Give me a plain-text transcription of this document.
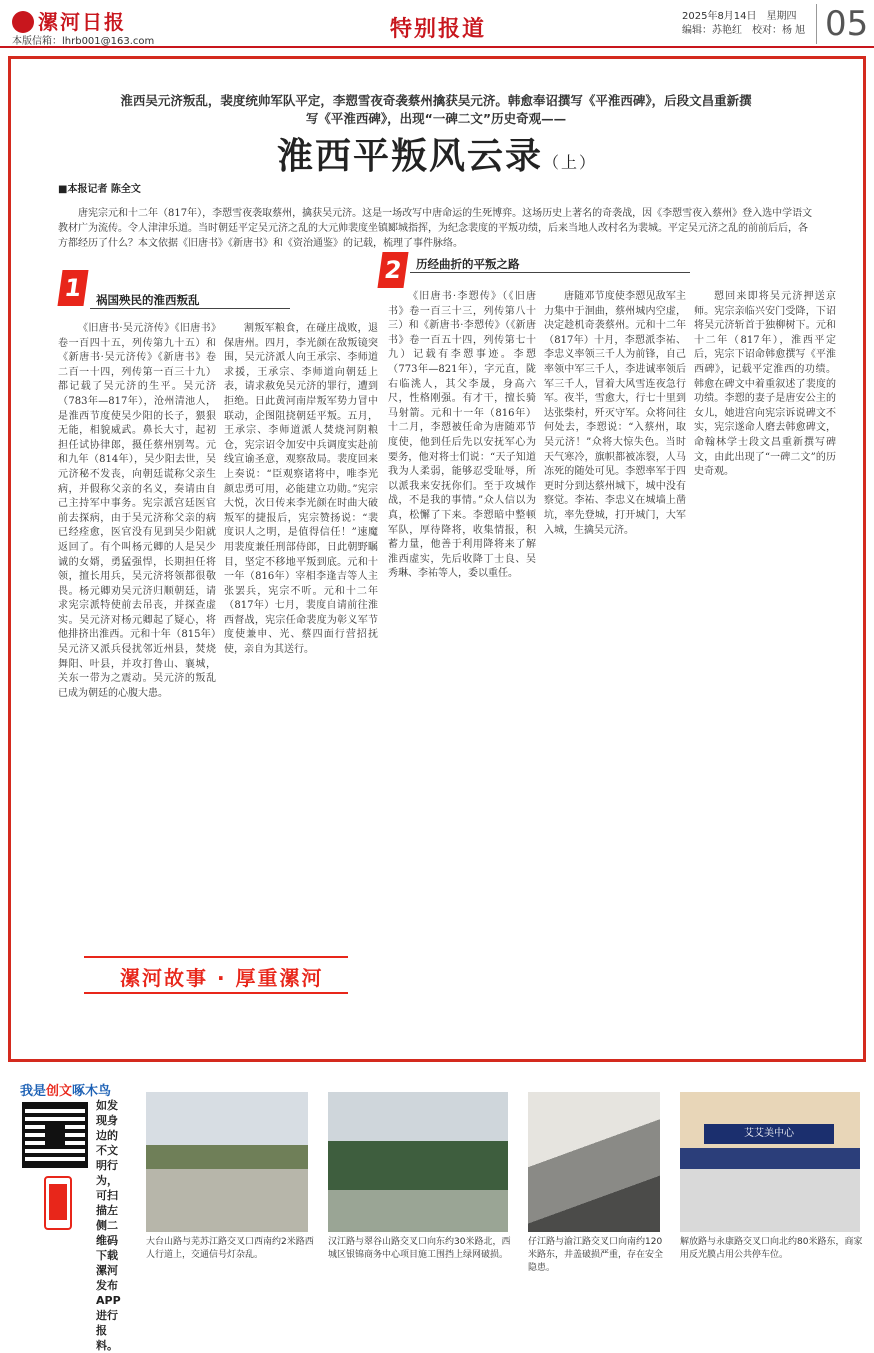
漯河日报
本版信箱：lhrb001@163.com	特别报道
2025年8月14日 星期四
编辑：苏艳红 校对：杨 旭 05
淮西吴元济叛乱，裴度统帅军队平定，李愬雪夜奇袭蔡州擒获吴元济。韩愈奉诏撰写《平淮西碑》，后段文昌重新撰写《平淮西碑》，出现“一碑二文”历史奇观——
淮西平叛风云录（上）
■本报记者 陈全文
唐宪宗元和十二年（817年），李愬雪夜袭取蔡州，擒获吴元济。这是一场改写中唐命运的生死博弈。这场历史上著名的奇袭战，因《李愬雪夜入蔡州》登入选中学语文教材广为流传。令人津津乐道。当时朝廷平定吴元济之乱的大元帅裴度坐镇郾城指挥，为纪念裴度的平叛功绩，后来当地人改村名为裴城。平定吴元济之乱的前前后后，各方都经历了什么？本文依据《旧唐书》《新唐书》和《资治通鉴》的记载，梳理了事件脉络。
1	祸国殃民的淮西叛乱
2	历经曲折的平叛之路

《旧唐书·吴元济传》《旧唐书》卷一百四十五，列传第九十五）和《新唐书·吴元济传》《新唐书》卷二百一十四，列传第一百三十九）都记载了吴元济的生平。吴元济（783年—817年），沧州清池人，是淮西节度使吴少阳的长子，猥狠无能，相貌威武。鼻长大寸，起初担任试协律郎，摄任蔡州别驾。元和九年（814年），吴少阳去世，吴元济秘不发丧，向朝廷谎称父亲生病，并假称父亲的名义，奏请由自己主持军中事务。宪宗派宫廷医官前去探病，由于吴元济称父亲的病已经痊愈，医官没有见到吴少阳就返回了。有个叫杨元卿的人是吴少诚的女婿，勇猛强悍，长期担任将领，擅长用兵，吴元济将领都很敬畏。杨元卿劝吴元济归顺朝廷，请求宪宗派特使前去吊丧，并探查虚实。吴元济对杨元卿起了疑心，将他排挤出淮西。元和十年（815年）吴元济又派兵侵扰邻近州县，焚烧舞阳、叶县，并攻打鲁山、襄城，关东一带为之震动。吴元济的叛乱已成为朝廷的心腹大患。

割叛军粮食，在碰庄战败，退保唐州。四月，李光颜在敌叛镜突围，吴元济派人向王承宗、李师道求援，王承宗、李师道向朝廷上表，请求赦免吴元济的罪行，遭到拒绝。日此黄河南岸叛军势力冒中联动，企图阻挠朝廷平叛。五月，王承宗、李师道派人焚烧河阴粮仓，宪宗诏令加安中兵调度实赴前线宣谕圣意，观察敌局。裴度回来上奏说：“臣观察诸将中，唯李光颜忠勇可用，必能建立功勋。”宪宗大悦，次日传来李光颜在时曲大破叛军的捷报后，宪宗赞扬说：“裴度识人之明，是值得信任！”速魔用裴度兼任刑部侍郎，日此朝野瞩目，坚定不移地平叛到底。元和十一年（816年）宰相李逢吉等人主张罢兵，宪宗不听。元和十二年（817年）七月，裴度自请前往淮西督战，宪宗任命裴度为彰义军节度使兼申、光、蔡四面行营招抚使，亲自为其送行。

《旧唐书·李愬传》（《旧唐书》卷一百三十三，列传第八十三）和《新唐书·李愬传》（《新唐书》卷一百五十四，列传第七十九）记载有李愬事迹。李愬（773年—821年），字元直，陇右临洮人，其父李晟，身高六尺，性格刚强。有才干，擅长骑马射箭。元和十一年（816年）十二月，李愬被任命为唐随邓节度使，他到任后先以安抚军心为要务，他对将士们说：“天子知道我为人柔弱，能够忍受耻辱，所以派我来安抚你们。至于攻城作战，不是我的事情。”众人信以为真，松懈了下来。李愬暗中整顿军队，厚待降将，收集情报，积蓄力量，他善于利用降将来了解淮西虚实，先后收降丁士良、吴秀琳、李祐等人，委以重任。

唐随邓节度使李愬见敌军主力集中于洄曲，蔡州城内空虚，决定趁机奇袭蔡州。元和十二年（817年）十月，李愬派李祐、李忠义率领三千人为前锋，自己率领中军三千人，李进诚率领后军三千人，冒着大风雪连夜急行军。夜半，雪愈大，行七十里到达张柴村，歼灭守军。众将问往何处去，李愬说：“入蔡州，取吴元济！”众将大惊失色。当时天气寒冷，旗帜都被冻裂，人马冻死的随处可见。李愬率军于四更时分到达蔡州城下，城中没有察觉。李祐、李忠义在城墙上凿坑，率先登城，打开城门，大军入城，生擒吴元济。

愬回来即将吴元济押送京师。宪宗亲临兴安门受降，下诏将吴元济斩首于独柳树下。元和十二年（817年），淮西平定后，宪宗下诏命韩愈撰写《平淮西碑》，记载平定淮西的功绩。韩愈在碑文中着重叙述了裴度的功绩。李愬的妻子是唐安公主的女儿，她进宫向宪宗诉说碑文不实，宪宗遂命人磨去韩愈碑文，命翰林学士段文昌重新撰写碑文，由此出现了“一碑二文”的历史奇观。

漯河故事 · 厚重漯河
我是创文啄木鸟
如发现身边的不文明行为，可扫描左侧二维码下载漯河发布APP进行报料。
艾艾美中心
大台山路与芜苏江路交叉口西南约2米路西人行道上，交通信号灯杂乱。
汉江路与翠谷山路交叉口向东约30米路北，西城区银锦商务中心项目施工围挡上绿网破损。
仔江路与渝江路交叉口向南约120米路东，井盖破损严重，存在安全隐患。
解放路与永康路交叉口向北约80米路东，商家用反光膜占用公共停车位。
